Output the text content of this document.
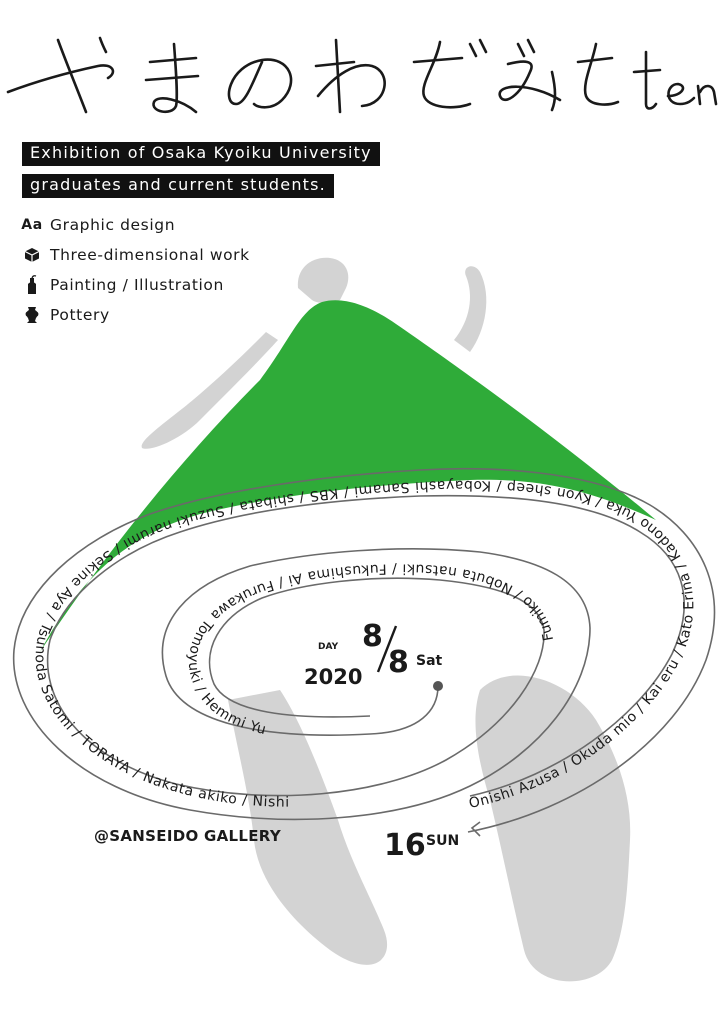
Exhibition of Osaka Kyoiku University
graduates and current students.
Aa Graphic design
Three-dimensional work
Painting / Illustration
Pottery
Onishi Azusa / Okuda mio / Kai eru / Kato Erina / Kadono Yuka / Kyon sheep / Kobayashi Sanami / KBS / shibata / Suzuki narumi / Sekine Aya / Tsunoda Satomi / TORAYA / Nakata akiko / Nishi
Fumiko / Nobuta natsuki / Fukushima Ai / Furukawa Tomoyuki / Hemmi Yu
DAY
2020
8
8 Sat
16 SUN
@SANSEIDO GALLERY
